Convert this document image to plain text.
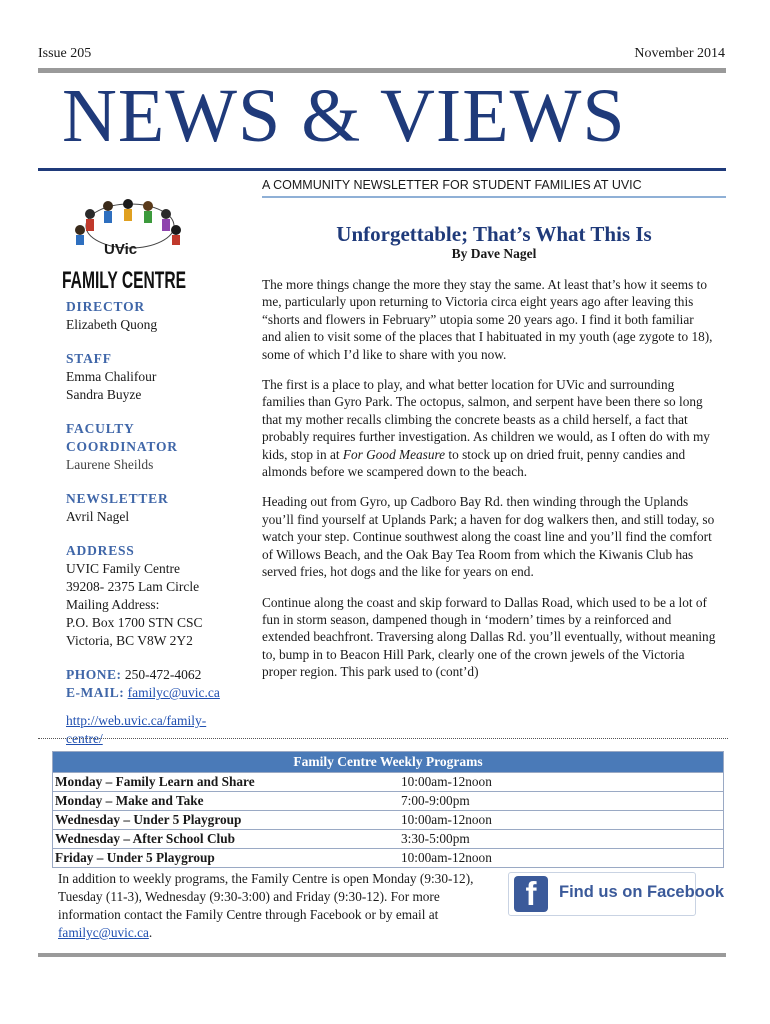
Issue 205	November 2014
NEWS & VIEWS
A COMMUNITY NEWSLETTER FOR STUDENT FAMILIES AT UVIC
UVic
FAMILY CENTRE
DIRECTOR
Elizabeth Quong
STAFF
Emma Chalifour
Sandra Buyze
FACULTY
COORDINATOR
Laurene Sheilds
NEWSLETTER
Avril Nagel
ADDRESS
UVIC Family Centre
39208- 2375 Lam Circle
Mailing Address:
P.O. Box 1700 STN CSC
Victoria, BC V8W 2Y2
PHONE: 250-472-4062
E-MAIL: familyc@uvic.ca
http://web.uvic.ca/family-
centre/
Unforgettable; That’s What This Is
By Dave Nagel

The more things change the more they stay the same. At least that’s how it seems to me, particularly upon returning to Victoria circa eight years ago after leaving this “shorts and flowers in February” utopia some 20 years ago. I find it both familiar and alien to visit some of the places that I habituated in my youth (age zygote to 18), some of which I’d like to share with you now.

The first is a place to play, and what better location for UVic and surrounding families than Gyro Park. The octopus, salmon, and serpent have been there so long that my mother recalls climbing the concrete beasts as a child herself, a fact that probably requires further investigation. As children we would, as I often do with my kids, stop in at For Good Measure to stock up on dried fruit, penny candies and almonds before we scampered down to the beach.

Heading out from Gyro, up Cadboro Bay Rd. then winding through the Uplands you’ll find yourself at Uplands Park; a haven for dog walkers then, and still today, so watch your step. Continue southwest along the coast line and you’ll find the comfort of Willows Beach, and the Oak Bay Tea Room from which the Kiwanis Club has served fries, hot dogs and the like for years on end.

Continue along the coast and skip forward to Dallas Road, which used to be a lot of fun in storm season, dampened though in ‘modern’ times by a reinforced and extended beachfront. Traversing along Dallas Rd. you’ll eventually, without meaning to, bump in to Beacon Hill Park, clearly one of the crown jewels of the Victoria proper region. This park used to (cont’d)

Family Centre Weekly Programs	
Monday – Family Learn and Share	10:00am-12noon
Monday – Make and Take	7:00-9:00pm
Wednesday – Under 5 Playgroup	10:00am-12noon
Wednesday – After School Club	3:30-5:00pm
Friday – Under 5 Playgroup	10:00am-12noon
In addition to weekly programs, the Family Centre is open Monday (9:30-12), Tuesday (11-3), Wednesday (9:30-3:00) and Friday (9:30-12). For more information contact the Family Centre through Facebook or by email at familyc@uvic.ca.
f	Find us on Facebook
